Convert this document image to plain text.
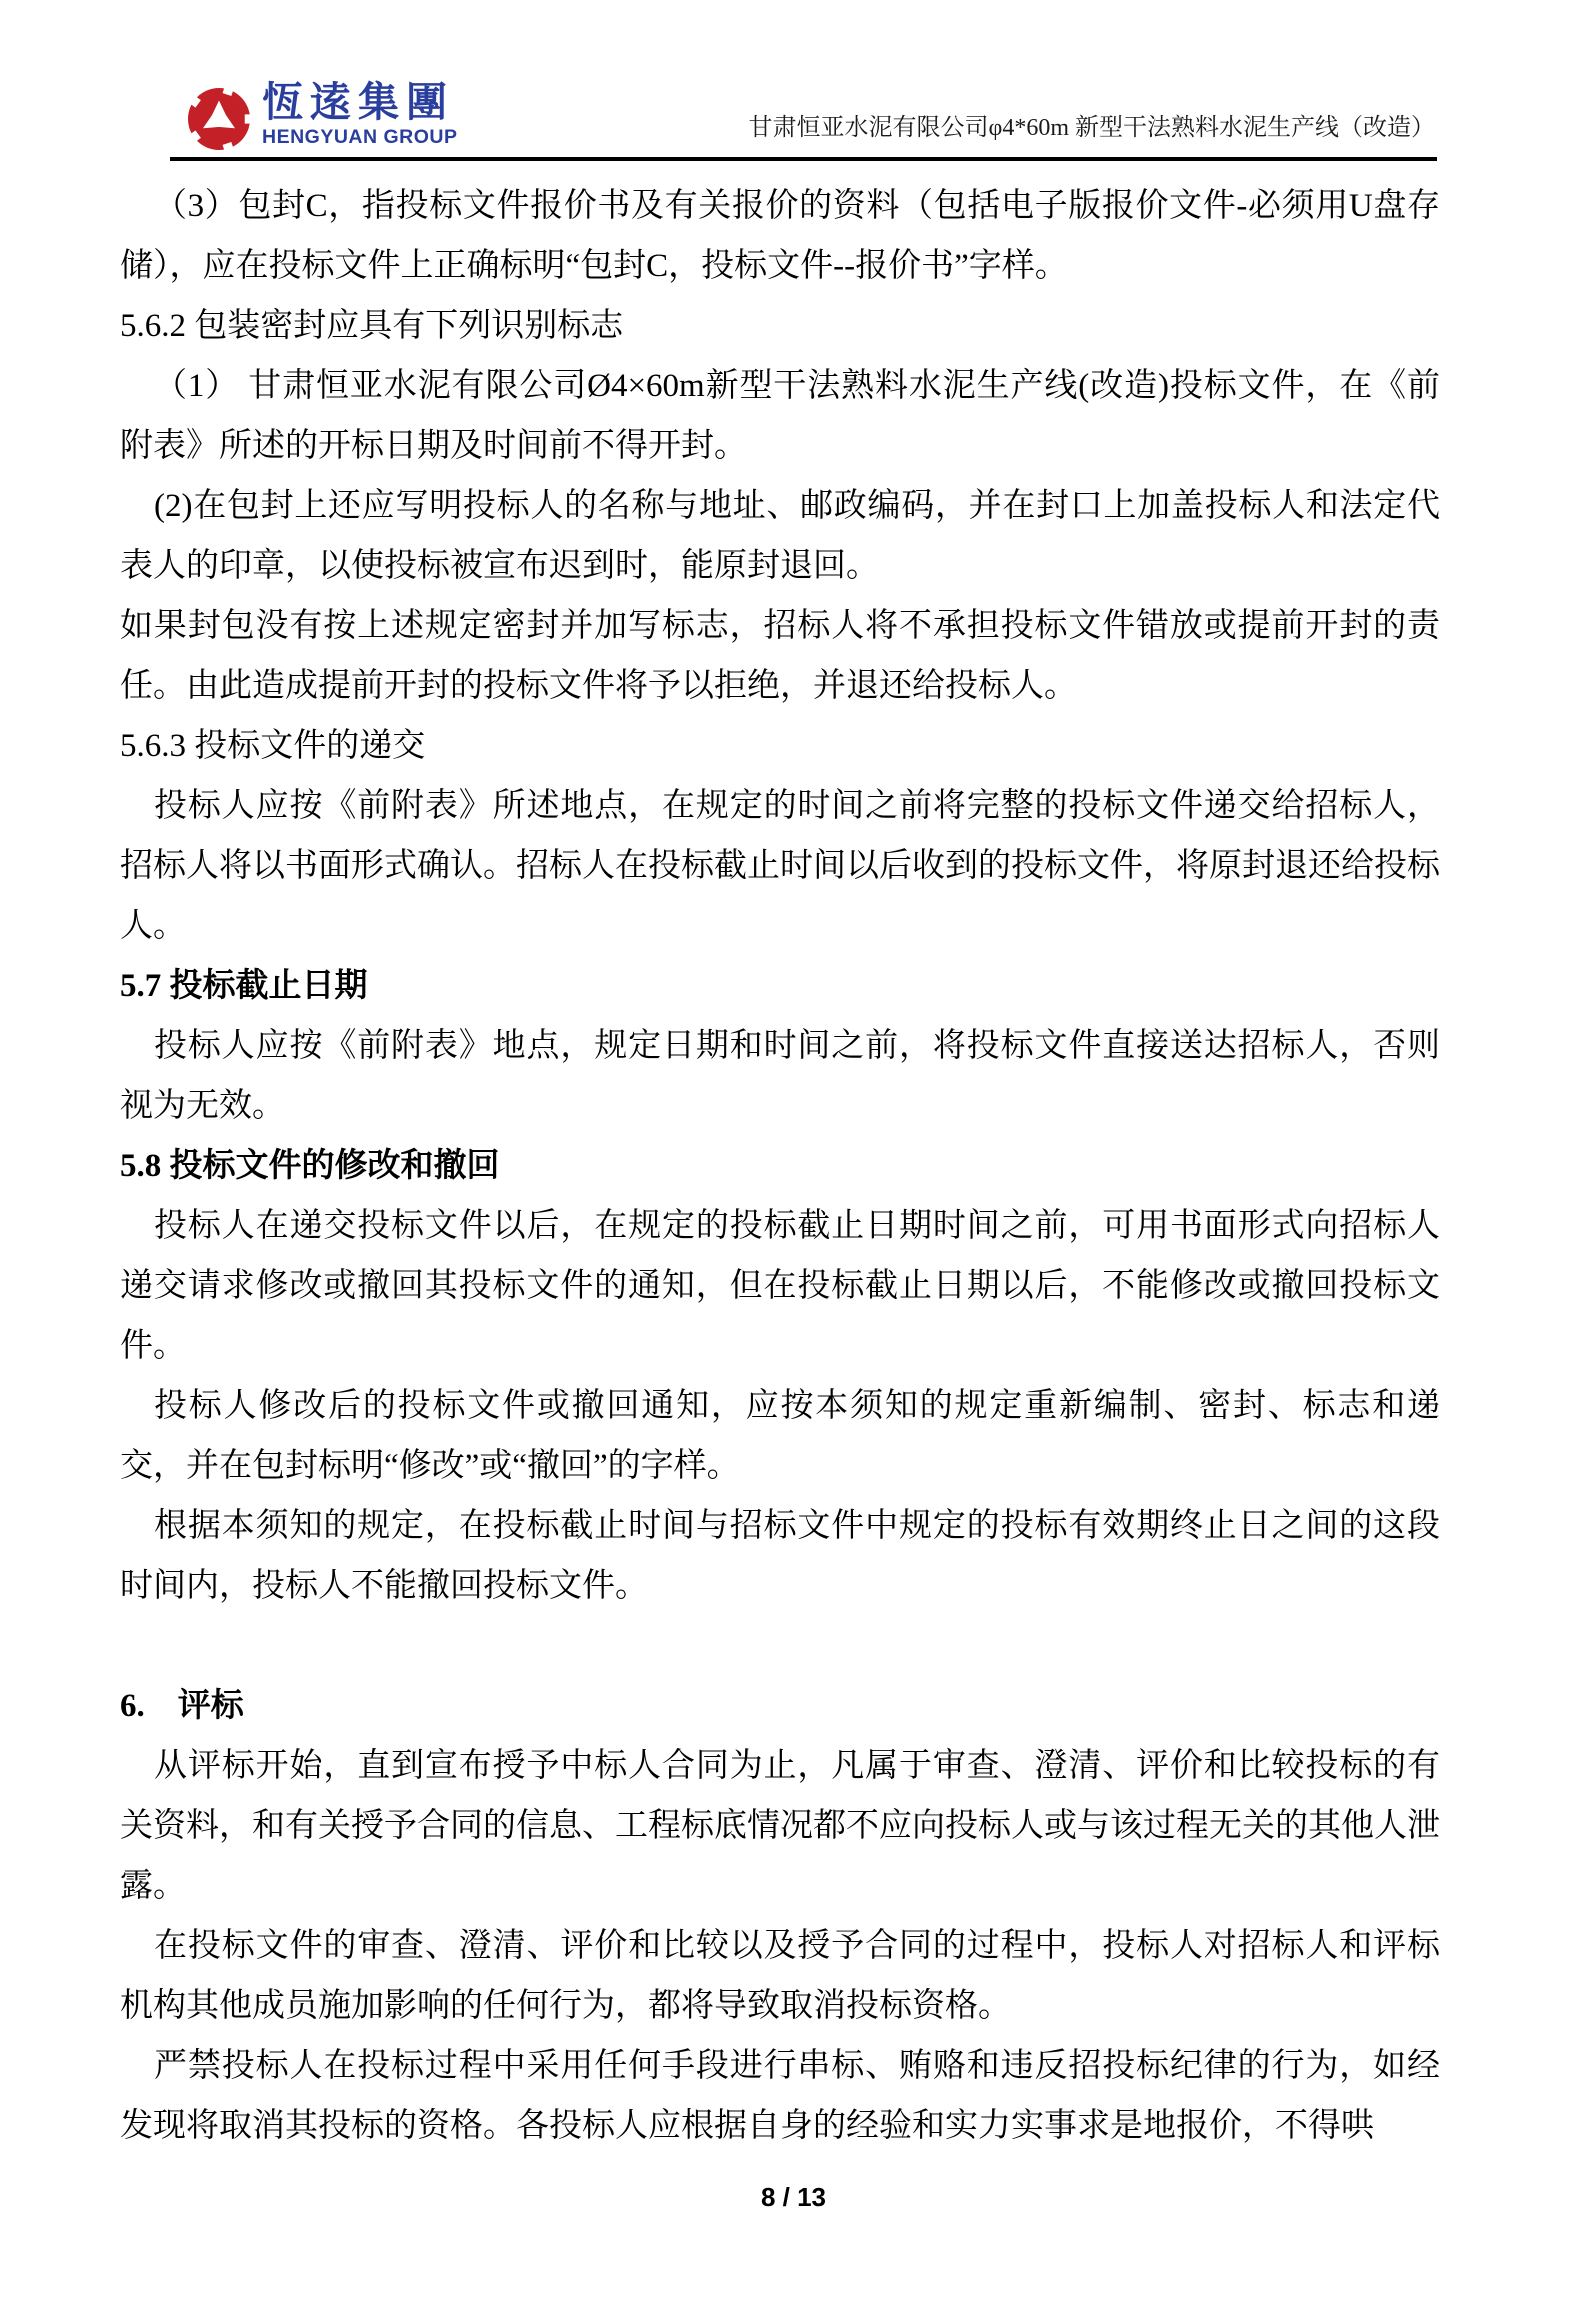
恆逺集團
HENGYUAN GROUP	甘肃恒亚水泥有限公司φ4*60m 新型干法熟料水泥生产线（改造）

（3）包封C，指投标文件报价书及有关报价的资料（包括电子版报价文件-必须用U盘存储），应在投标文件上正确标明“包封C，投标文件--报价书”字样。

5.6.2 包装密封应具有下列识别标志

（1） 甘肃恒亚水泥有限公司Ø4×60m新型干法熟料水泥生产线(改造)投标文件，在《前附表》所述的开标日期及时间前不得开封。

(2)在包封上还应写明投标人的名称与地址、邮政编码，并在封口上加盖投标人和法定代表人的印章，以使投标被宣布迟到时，能原封退回。

如果封包没有按上述规定密封并加写标志，招标人将不承担投标文件错放或提前开封的责任。由此造成提前开封的投标文件将予以拒绝，并退还给投标人。

5.6.3 投标文件的递交

投标人应按《前附表》所述地点，在规定的时间之前将完整的投标文件递交给招标人，招标人将以书面形式确认。招标人在投标截止时间以后收到的投标文件，将原封退还给投标人。

5.7 投标截止日期

投标人应按《前附表》地点，规定日期和时间之前，将投标文件直接送达招标人，否则视为无效。

5.8 投标文件的修改和撤回

投标人在递交投标文件以后，在规定的投标截止日期时间之前，可用书面形式向招标人递交请求修改或撤回其投标文件的通知，但在投标截止日期以后，不能修改或撤回投标文件。

投标人修改后的投标文件或撤回通知，应按本须知的规定重新编制、密封、标志和递交，并在包封标明“修改”或“撤回”的字样。

根据本须知的规定，在投标截止时间与招标文件中规定的投标有效期终止日之间的这段时间内，投标人不能撤回投标文件。

6.　评标

从评标开始，直到宣布授予中标人合同为止，凡属于审查、澄清、评价和比较投标的有关资料，和有关授予合同的信息、工程标底情况都不应向投标人或与该过程无关的其他人泄露。

在投标文件的审查、澄清、评价和比较以及授予合同的过程中，投标人对招标人和评标机构其他成员施加影响的任何行为，都将导致取消投标资格。

严禁投标人在投标过程中采用任何手段进行串标、贿赂和违反招投标纪律的行为，如经发现将取消其投标的资格。各投标人应根据自身的经验和实力实事求是地报价，不得哄

8 / 13
